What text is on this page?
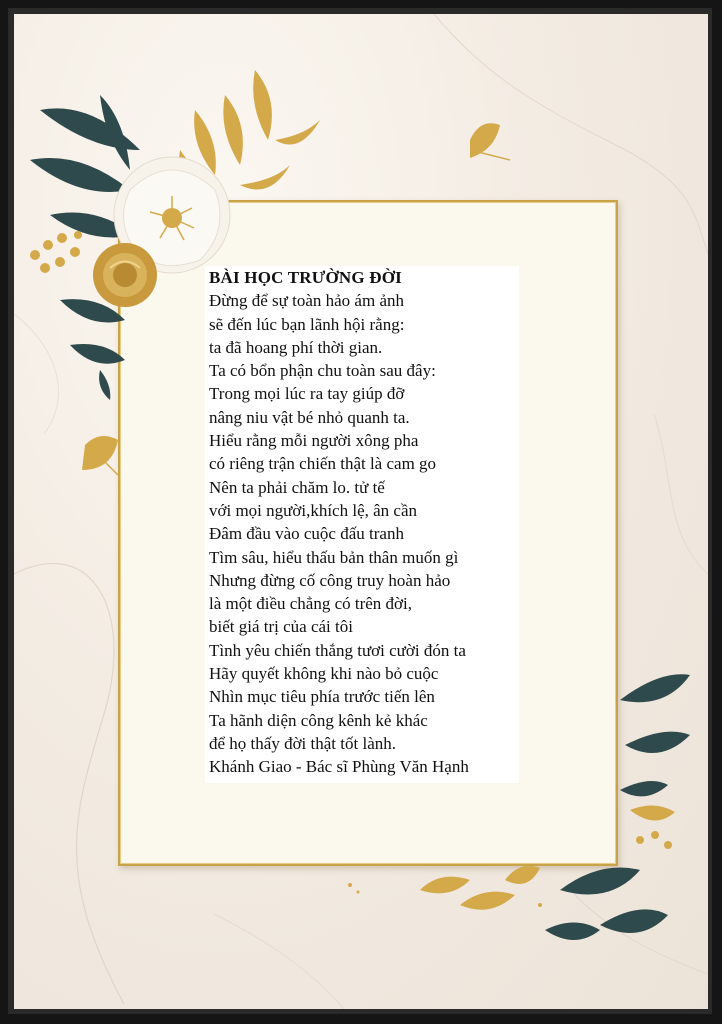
BÀI HỌC TRƯỜNG ĐỜI
Đừng để sự toàn hảo ám ảnh
sẽ đến lúc bạn lãnh hội rằng:
ta đã hoang phí thời gian.
Ta có bổn phận chu toàn sau đây:
Trong mọi lúc ra tay giúp đỡ
nâng niu vật bé nhỏ quanh ta.
Hiểu rằng mỗi người xông pha
có riêng trận chiến thật là cam go
Nên ta phải chăm lo. tử tế
với mọi người,khích lệ, ân cần
Đâm đầu vào cuộc đấu tranh
Tìm sâu, hiểu thấu bản thân muốn gì
Nhưng đừng cố công truy hoàn hảo
là một điều chẳng có trên đời,
biết giá trị của cái tôi
Tình yêu chiến thắng tươi cười đón ta
Hãy quyết không khi nào bỏ cuộc
Nhìn mục tiêu phía trước tiến lên
Ta hãnh diện công kênh kẻ khác
để họ thấy đời thật tốt lành.
Khánh Giao - Bác sĩ Phùng Văn Hạnh
